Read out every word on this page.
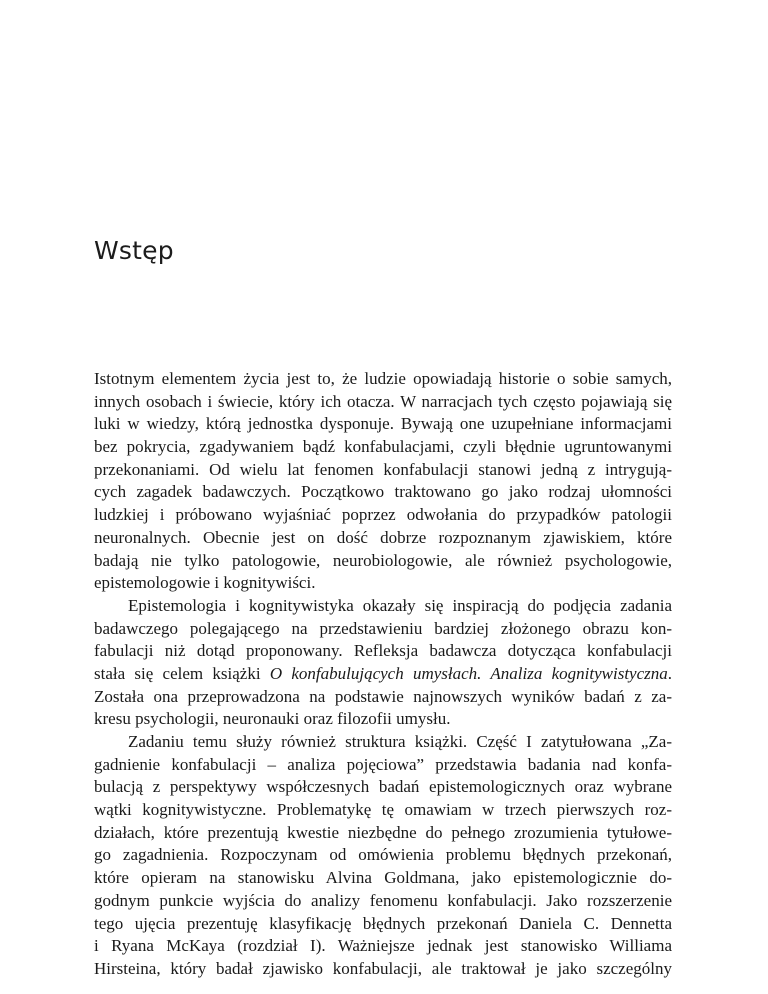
Wstęp
Istotnym elementem życia jest to, że ludzie opowiadają historie o sobie samych,
innych osobach i świecie, który ich otacza. W narracjach tych często pojawiają się
luki w wiedzy, którą jednostka dysponuje. Bywają one uzupełniane informacjami
bez pokrycia, zgadywaniem bądź konfabulacjami, czyli błędnie ugruntowanymi
przekonaniami. Od wielu lat fenomen konfabulacji stanowi jedną z intrygują-
cych zagadek badawczych. Początkowo traktowano go jako rodzaj ułomności
ludzkiej i próbowano wyjaśniać poprzez odwołania do przypadków patologii
neuronalnych. Obecnie jest on dość dobrze rozpoznanym zjawiskiem, które
badają nie tylko patologowie, neurobiologowie, ale również psychologowie,
epistemologowie i kognitywiści.
Epistemologia i kognitywistyka okazały się inspiracją do podjęcia zadania
badawczego polegającego na przedstawieniu bardziej złożonego obrazu kon-
fabulacji niż dotąd proponowany. Refleksja badawcza dotycząca konfabulacji
stała się celem książki O konfabulujących umysłach. Analiza kognitywistyczna.
Została ona przeprowadzona na podstawie najnowszych wyników badań z za-
kresu psychologii, neuronauki oraz filozofii umysłu.
Zadaniu temu służy również struktura książki. Część I zatytułowana „Za-
gadnienie konfabulacji – analiza pojęciowa” przedstawia badania nad konfa-
bulacją z perspektywy współczesnych badań epistemologicznych oraz wybrane
wątki kognitywistyczne. Problematykę tę omawiam w trzech pierwszych roz-
działach, które prezentują kwestie niezbędne do pełnego zrozumienia tytułowe-
go zagadnienia. Rozpoczynam od omówienia problemu błędnych przekonań,
które opieram na stanowisku Alvina Goldmana, jako epistemologicznie do-
godnym punkcie wyjścia do analizy fenomenu konfabulacji. Jako rozszerzenie
tego ujęcia prezentuję klasyfikację błędnych przekonań Daniela C. Dennetta
i Ryana McKaya (rozdział I). Ważniejsze jednak jest stanowisko Williama
Hirsteina, który badał zjawisko konfabulacji, ale traktował je jako szczególny
